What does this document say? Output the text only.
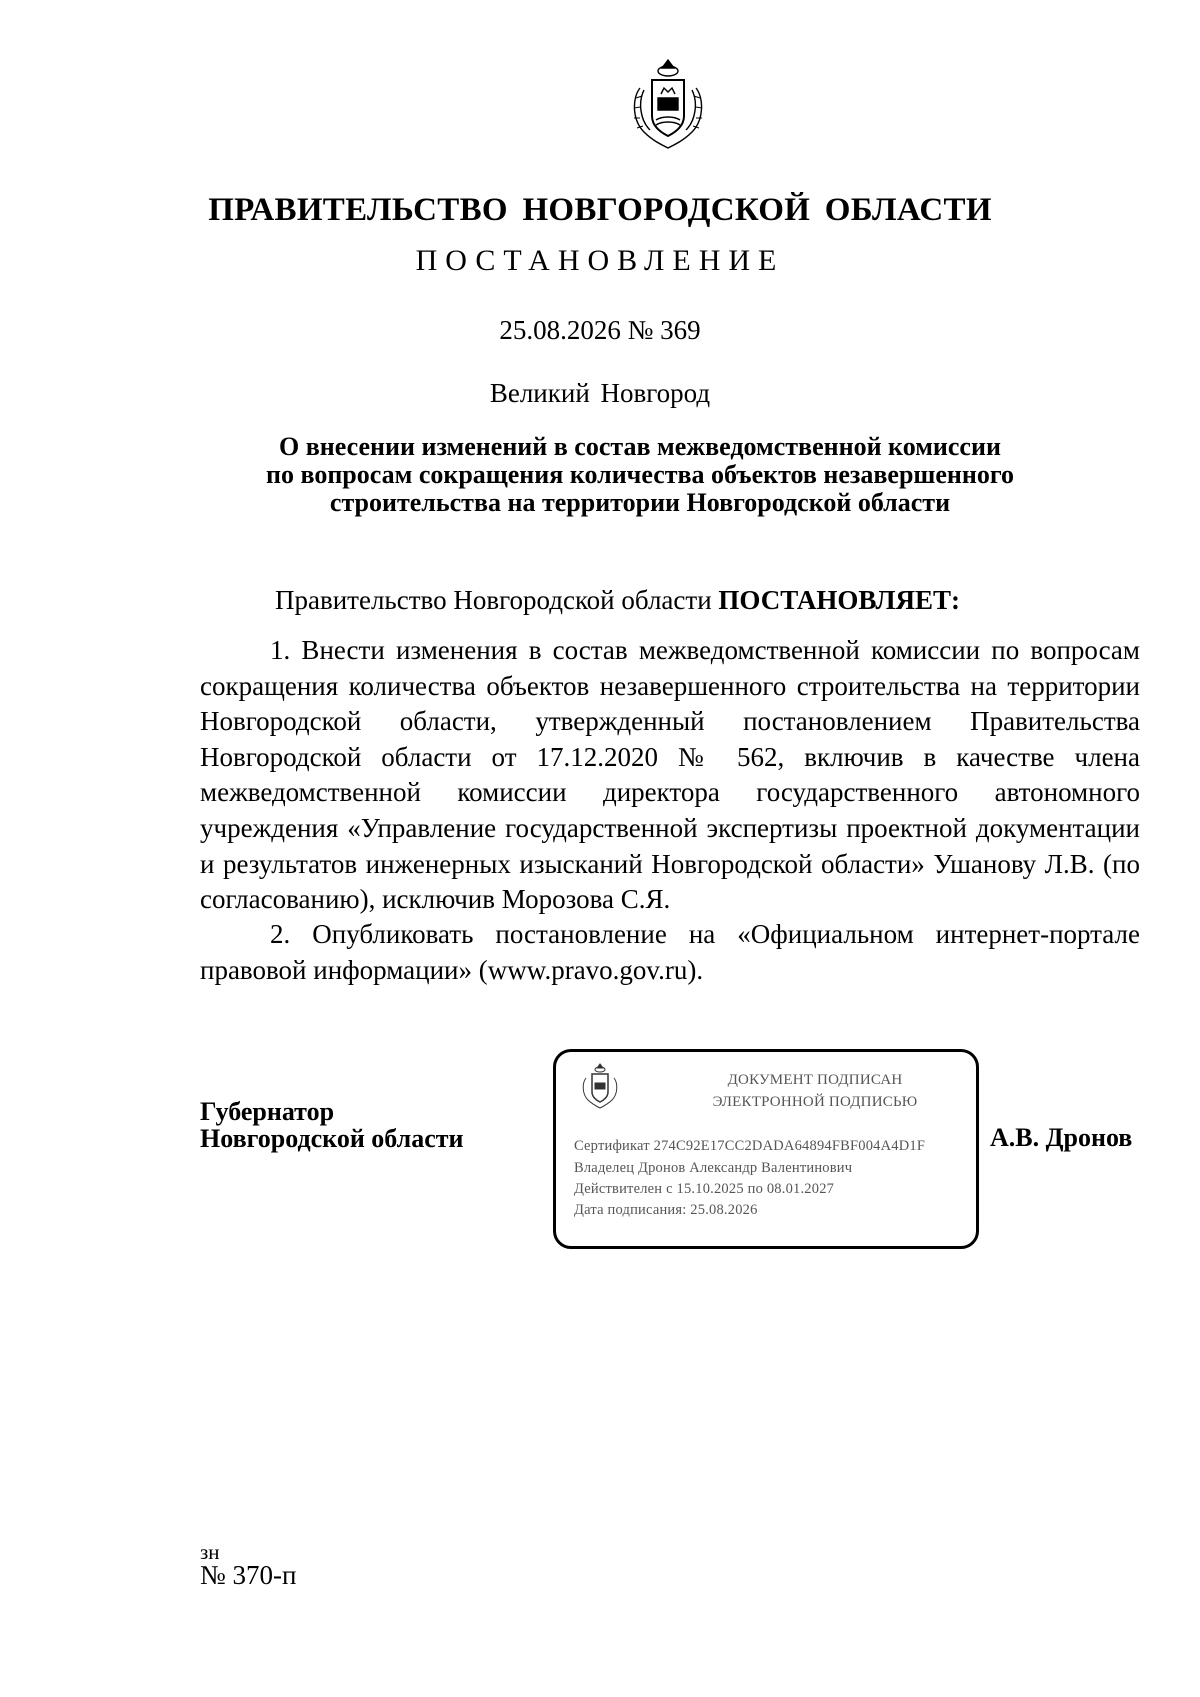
ПРАВИТЕЛЬСТВО НОВГОРОДСКОЙ ОБЛАСТИ
ПОСТАНОВЛЕНИЕ
25.08.2026 № 369
Великий Новгород
О внесении изменений в состав межведомственной комиссии
по вопросам сокращения количества объектов незавершенного
строительства на территории Новгородской области
Правительство Новгородской области ПОСТАНОВЛЯЕТ:
1. Внести изменения в состав межведомственной комиссии по вопросам сокращения количества объектов незавершенного строительства на территории Новгородской области, утвержденный постановлением Правительства Новгородской области от 17.12.2020 № 562, включив в качестве члена межведомственной комиссии директора государственного автономного учреждения «Управление государственной экспертизы проектной документации и результатов инженерных изысканий Новгородской области» Ушанову Л.В. (по согласованию), исключив Морозова С.Я.
2. Опубликовать постановление на «Официальном интернет-портале правовой информации» (www.pravo.gov.ru).
Губернатор
Новгородской области
ДОКУМЕНТ ПОДПИСАН
ЭЛЕКТРОННОЙ ПОДПИСЬЮ
Сертификат 274C92E17CC2DADA64894FBF004A4D1F
Владелец Дронов Александр Валентинович
Действителен с 15.10.2025 по 08.01.2027
Дата подписания: 25.08.2026
А.В. Дронов
зн
№ 370-п
